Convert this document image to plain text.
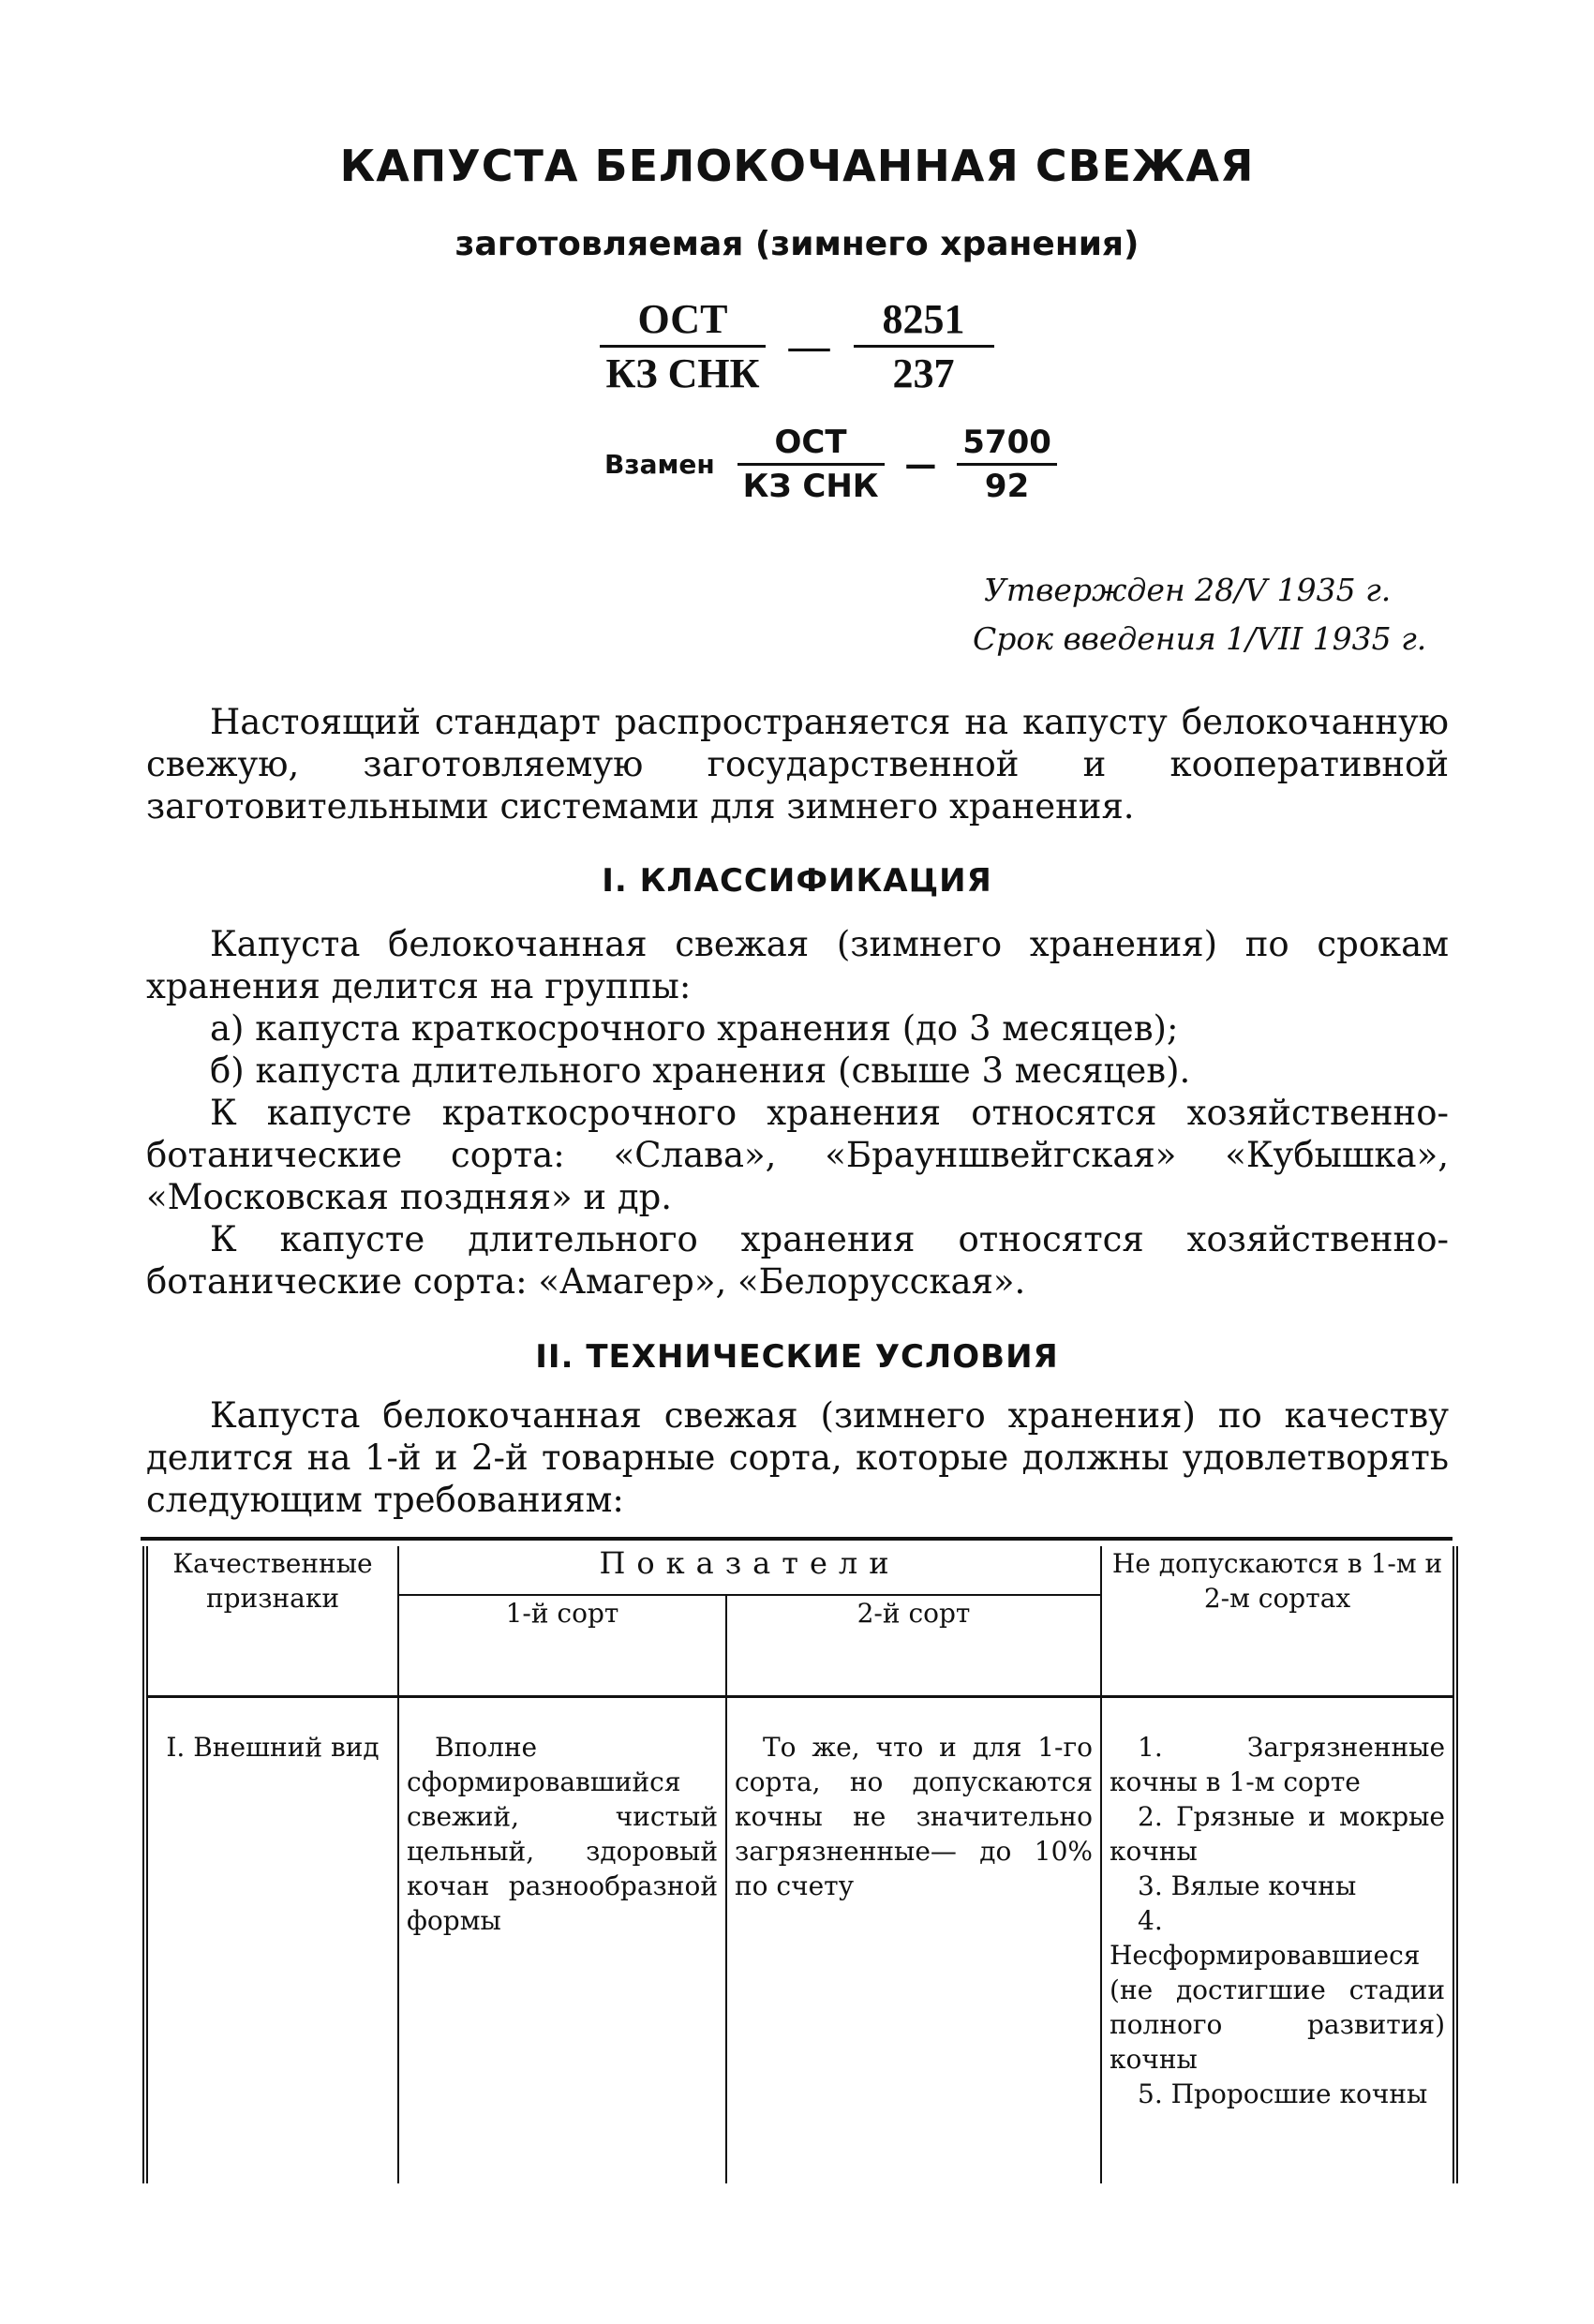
КАПУСТА БЕЛОКОЧАННАЯ СВЕЖАЯ
заготовляемая (зимнего хранения)
$\frac{\text{ОСТ}}{\text{КЗ СНК}}$ — $\frac{8251}{237}$
Взамен $\frac{\text{ОСТ}}{\text{КЗ СНК}}$ — $\frac{5700}{92}$
Утвержден 28/V 1935 г.
Срок введения 1/VII 1935 г.
Настоящий стандарт распространяется на капусту белокочанную свежую, заготовляемую государственной и кооперативной заготовительными системами для зимнего хранения.
I. КЛАССИФИКАЦИЯ
Капуста белокочанная свежая (зимнего хранения) по срокам хранения делится на группы:
а) капуста краткосрочного хранения (до 3 месяцев);
б) капуста длительного хранения (свыше 3 месяцев).
К капусте краткосрочного хранения относятся хозяйственно-ботанические сорта: «Слава», «Брауншвейгская» «Кубышка», «Московская поздняя» и др.
К капусте длительного хранения относятся хозяйственно-ботанические сорта: «Амагер», «Белорусская».
II. ТЕХНИЧЕСКИЕ УСЛОВИЯ
Капуста белокочанная свежая (зимнего хранения) по качеству делится на 1-й и 2-й товарные сорта, которые должны удовлетворять следующим требованиям:
Качественные признаки	Показатели		Не допускаются в 1-м и 2-м сортах
	1-й сорт	2-й сорт	
I. Внешний вид	Вполне сформировавшийся свежий, чистый цельный, здоровый кочан разнообразной формы	То же, что и для 1-го сорта, но допускаются кочны не значительно загрязненные— до 10% по счету	1. Загрязненные кочны в 1-м сорте

2. Грязные и мокрые кочны

3. Вялые кочны

4. Несформировавшиеся (не достигшие стадии полного развития) кочны

5. Проросшие кочны
